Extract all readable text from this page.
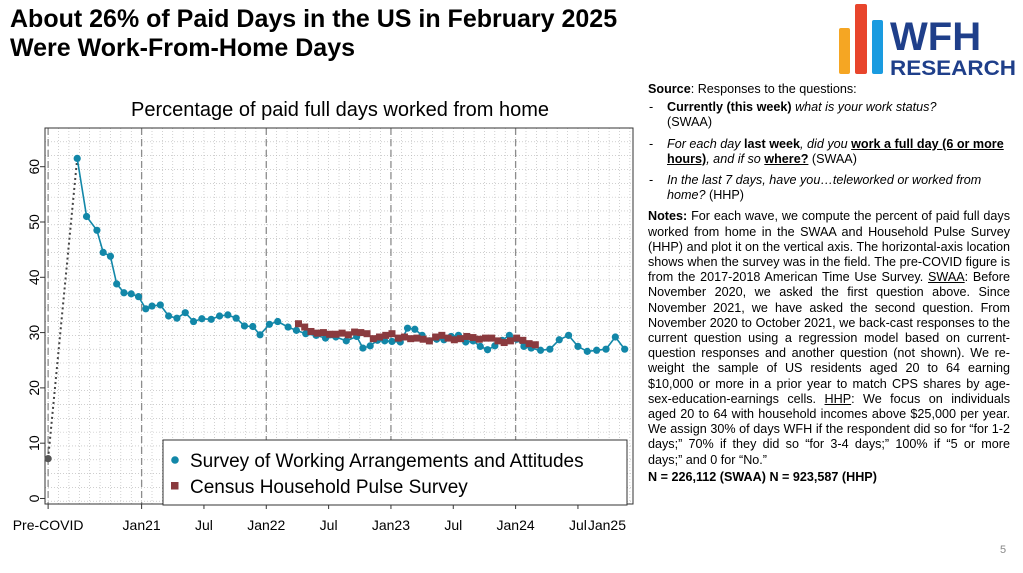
About 26% of Paid Days in the US in February 2025
Were Work-From-Home Days	WFH
RESEARCH
Percentage of paid full days worked from home
0
10
20
30
40
50
60
Pre-COVID	Jan21 Jul Jan22 Jul Jan23 Jul Jan24 Jul Jan25
Survey of Working Arrangements and Attitudes
Census Household Pulse Survey

Source: Responses to the questions:

- Currently (this week) what is your work status?
(SWAA)
- For each day last week, did you work a full day (6 or more hours), and if so where? (SWAA)
- In the last 7 days, have you…teleworked or worked from home? (HHP)
Notes: For each wave, we compute the percent of paid full days worked from home in the SWAA and Household Pulse Survey (HHP) and plot it on the vertical axis. The horizontal-axis location shows when the survey was in the field. The pre-COVID figure is from the 2017-2018 American Time Use Survey. SWAA: Before November 2020, we asked the first question above. Since November 2021, we have asked the second question. From November 2020 to October 2021, we back-cast responses to the current question using a regression model based on current-question responses and another question (not shown). We re-weight the sample of US residents aged 20 to 64 earning $10,000 or more in a prior year to match CPS shares by age-sex-education-earnings cells. HHP: We focus on individuals aged 20 to 64 with household incomes above $25,000 per year. We assign 30% of days WFH if the respondent did so for “for 1-2 days;” 70% if they did so “for 3-4 days;” 100% if “5 or more days;” and 0 for “No.”
N = 226,112 (SWAA) N = 923,587 (HHP)
5
